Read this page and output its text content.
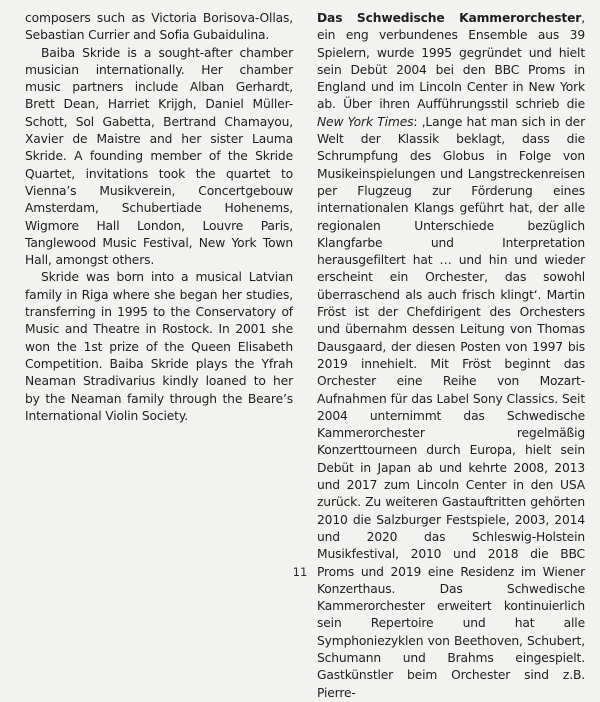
composers such as Victoria Borisova-Ollas, Sebastian Currier and Sofia Gubaidulina.

Baiba Skride is a sought-after chamber musician internationally. Her chamber music partners include Alban Gerhardt, Brett Dean, Harriet Krijgh, Daniel Müller-Schott, Sol Gabetta, Bertrand Chamayou, Xavier de Maistre and her sister Lauma Skride. A founding member of the Skride Quartet, invitations took the quartet to Vienna’s Musikverein, Concertgebouw Amsterdam, Schubertiade Hohenems, Wigmore Hall London, Louvre Paris, Tanglewood Music Festival, New York Town Hall, amongst others.

Skride was born into a musical Latvian family in Riga where she began her studies, transferring in 1995 to the Conservatory of Music and Theatre in Rostock. In 2001 she won the 1st prize of the Queen Elisabeth Competition. Baiba Skride plays the Yfrah Neaman Stradivarius kindly loaned to her by the Neaman family through the Beare’s International Violin Society.

Das Schwedische Kammerorchester, ein eng verbundenes Ensemble aus 39 Spielern, wurde 1995 gegründet und hielt sein Debüt 2004 bei den BBC Proms in England und im Lincoln Center in New York ab. Über ihren Aufführungsstil schrieb die New York Times: ‚Lange hat man sich in der Welt der Klassik beklagt, dass die Schrumpfung des Globus in Folge von Musikeinspielungen und Langstreckenreisen per Flugzeug zur Förderung eines internationalen Klangs geführt hat, der alle regionalen Unterschiede bezüglich Klangfarbe und Interpretation herausgefiltert hat … und hin und wieder erscheint ein Orchester, das sowohl überraschend als auch frisch klingt‘. Martin Fröst ist der Chefdirigent des Orchesters und übernahm dessen Leitung von Thomas Dausgaard, der diesen Posten von 1997 bis 2019 innehielt. Mit Fröst beginnt das Orchester eine Reihe von Mozart-Aufnahmen für das Label Sony Classics. Seit 2004 unternimmt das Schwedische Kammerorchester regelmäßig Konzerttourneen durch Europa, hielt sein Debüt in Japan ab und kehrte 2008, 2013 und 2017 zum Lincoln Center in den USA zurück. Zu weiteren Gastauftritten gehörten 2010 die Salzburger Festspiele, 2003, 2014 und 2020 das Schleswig-Holstein Musikfestival, 2010 und 2018 die BBC Proms und 2019 eine Residenz im Wiener Konzerthaus. Das Schwedische Kammerorchester erweitert kontinuierlich sein Repertoire und hat alle Symphoniezyklen von Beethoven, Schubert, Schumann und Brahms eingespielt. Gastkünstler beim Orchester sind z.B. Pierre-

11
